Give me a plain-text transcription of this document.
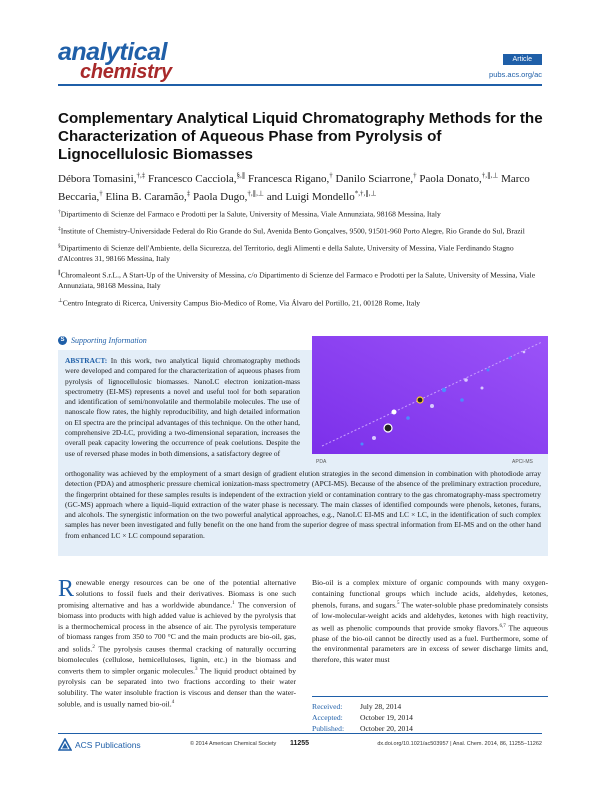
analytical
chemistry
Article
pubs.acs.org/ac
Complementary Analytical Liquid Chromatography Methods for the Characterization of Aqueous Phase from Pyrolysis of Lignocellulosic Biomasses
Débora Tomasini,†,‡ Francesco Cacciola,§,∥ Francesca Rigano,† Danilo Sciarrone,† Paola Donato,†,∥,⊥ Marco Beccaria,† Elina B. Caramão,‡ Paola Dugo,†,∥,⊥ and Luigi Mondello*,†,∥,⊥
†Dipartimento di Scienze del Farmaco e Prodotti per la Salute, University of Messina, Viale Annunziata, 98168 Messina, Italy
‡Institute of Chemistry-Universidade Federal do Rio Grande do Sul, Avenida Bento Gonçalves, 9500, 91501-960 Porto Alegre, Rio Grande do Sul, Brazil
§Dipartimento di Scienze dell'Ambiente, della Sicurezza, del Territorio, degli Alimenti e della Salute, University of Messina, Viale Ferdinando Stagno d'Alcontres 31, 98166 Messina, Italy
∥Chromaleont S.r.L., A Start-Up of the University of Messina, c/o Dipartimento di Scienze del Farmaco e Prodotti per la Salute, University of Messina, Viale Annunziata, 98168 Messina, Italy
⊥Centro Integrato di Ricerca, University Campus Bio-Medico of Rome, Via Álvaro del Portillo, 21, 00128 Rome, Italy
S Supporting Information
ABSTRACT: In this work, two analytical liquid chromatography methods were developed and compared for the characterization of aqueous phases from pyrolysis of lignocellulosic biomasses. NanoLC electron ionization-mass spectrometry (EI-MS) represents a novel and useful tool for both separation and identification of semi/nonvolatile and thermolabile molecules. The use of nanoscale flow rates, the highly reproducibility, and high detailed information on EI spectra are the principal advantages of this technique. On the other hand, comprehensive 2D-LC, providing a two-dimensional separation, increases the overall peak capacity lowering the occurrence of peak coelutions. Despite the use of reversed phase modes in both dimensions, a satisfactory degree of
orthogonality was achieved by the employment of a smart design of gradient elution strategies in the second dimension in combination with photodiode array detection (PDA) and atmospheric pressure chemical ionization-mass spectrometry (APCI-MS). Because of the absence of the preliminary extraction procedure, the fingerprint obtained for these samples results is independent of the extraction yield or contamination contrary to the gas chromatography-mass spectrometry (GC-MS) approach where a liquid–liquid extraction of the water phase is necessary. The main classes of identified compounds were phenols, ketones, furans, and alcohols. The synergistic information on the two powerful analytical approaches, e.g., NanoLC EI-MS and LC × LC, in the identification of such complex samples has never been investigated and fully benefit on the one hand from the superior degree of mass spectral information from EI-MS and on the other hand from enhanced LC × LC compound separation.
PDA	APCI-MS
Renewable energy resources can be one of the potential alternative solutions to fossil fuels and their derivatives. Biomass is one such promising alternative and has a worldwide abundance.$^1$ The conversion of biomass into products with high added value is achieved by the pyrolysis that is a thermochemical process in the absence of air. The pyrolysis temperature of biomass ranges from 350 to 700 °C and the main products are bio-oil, gas, and solids.$^2$ The pyrolysis causes thermal cracking of naturally occurring biomolecules (cellulose, hemicelluloses, lignin, etc.) in the biomass and converts them to simpler organic molecules.$^3$ The liquid product obtained by pyrolysis can be separated into two fractions according to their water solubility. The water insoluble fraction is viscous and denser than the water-soluble, and is usually named bio-oil.$^4$
Bio-oil is a complex mixture of organic compounds with many oxygen-containing functional groups which include acids, aldehydes, ketones, phenols, furans, and sugars.$^5$ The water-soluble phase predominately consists of low-molecular-weight acids and aldehydes, ketones with high reactivity, as well as phenolic compounds that provide smoky flavors.$^{6,7}$ The aqueous phase of the bio-oil cannot be directly used as a fuel. Furthermore, some of the environmental parameters are in excess of sewer discharge limits and, therefore, this water must
Received:	July 28, 2014
Accepted:	October 19, 2014
Published:	October 20, 2014
ACS Publications	© 2014 American Chemical Society 11255	dx.doi.org/10.1021/ac503957 | Anal. Chem. 2014, 86, 11255−11262
